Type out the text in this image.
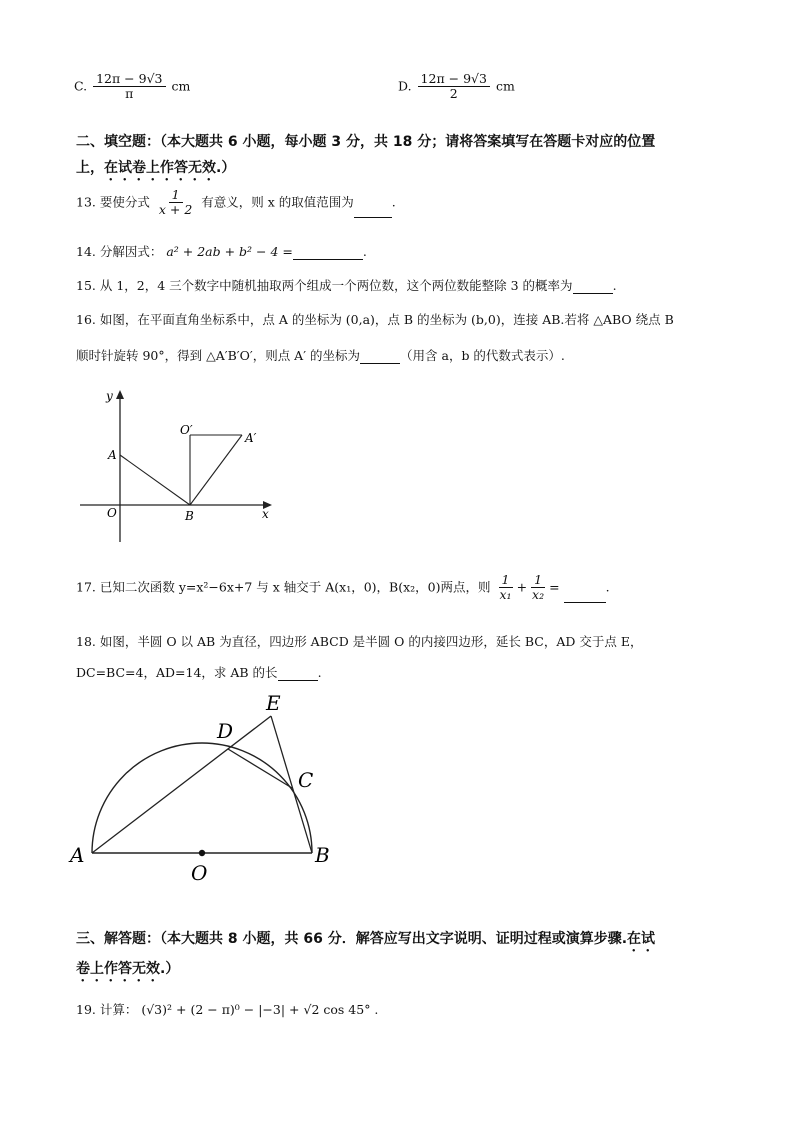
C. $\frac{12\pi - 9√3}{\pi}$ cm	D. $\frac{12\pi - 9√3}{2}$ cm
二、填空题：（本大题共 6 小题，每小题 3 分，共 18 分；请将答案填写在答题卡对应的位置
上，在试卷上作答无效.）
13. 要使分式 $\frac{1}{x + 2}$ 有意义，则 x 的取值范围为	.
14. 分解因式： a² + 2ab + b² − 4 =	.
15. 从 1，2，4 三个数字中随机抽取两个组成一个两位数，这个两位数能整除 3 的概率为	.
16. 如图，在平面直角坐标系中，点 A 的坐标为 (0,a)，点 B 的坐标为 (b,0)，连接 AB.若将 △ABO 绕点 B
顺时针旋转 90°，得到 △A′B′O′，则点 A′ 的坐标为	（用含 a，b 的代数式表示）.
y
x
O
A
B
O′
A′
17. 已知二次函数 y=x²−6x+7 与 x 轴交于 A(x₁，0)，B(x₂，0)两点，则 $\frac{1}{\text{x₁}} + \frac{1}{\text{x₂}}$ =	.
18. 如图，半圆 O 以 AB 为直径，四边形 ABCD 是半圆 O 的内接四边形，延长 BC，AD 交于点 E，
DC=BC=4，AD=14，求 AB 的长	.
E
D
C
A	B
O
三、解答题：（本大题共 8 小题，共 66 分．解答应写出文字说明、证明过程或演算步骤.在试
卷上作答无效.）
19. 计算： (√3)² + (2 − π)⁰ − |−3| + √2 cos 45° .
